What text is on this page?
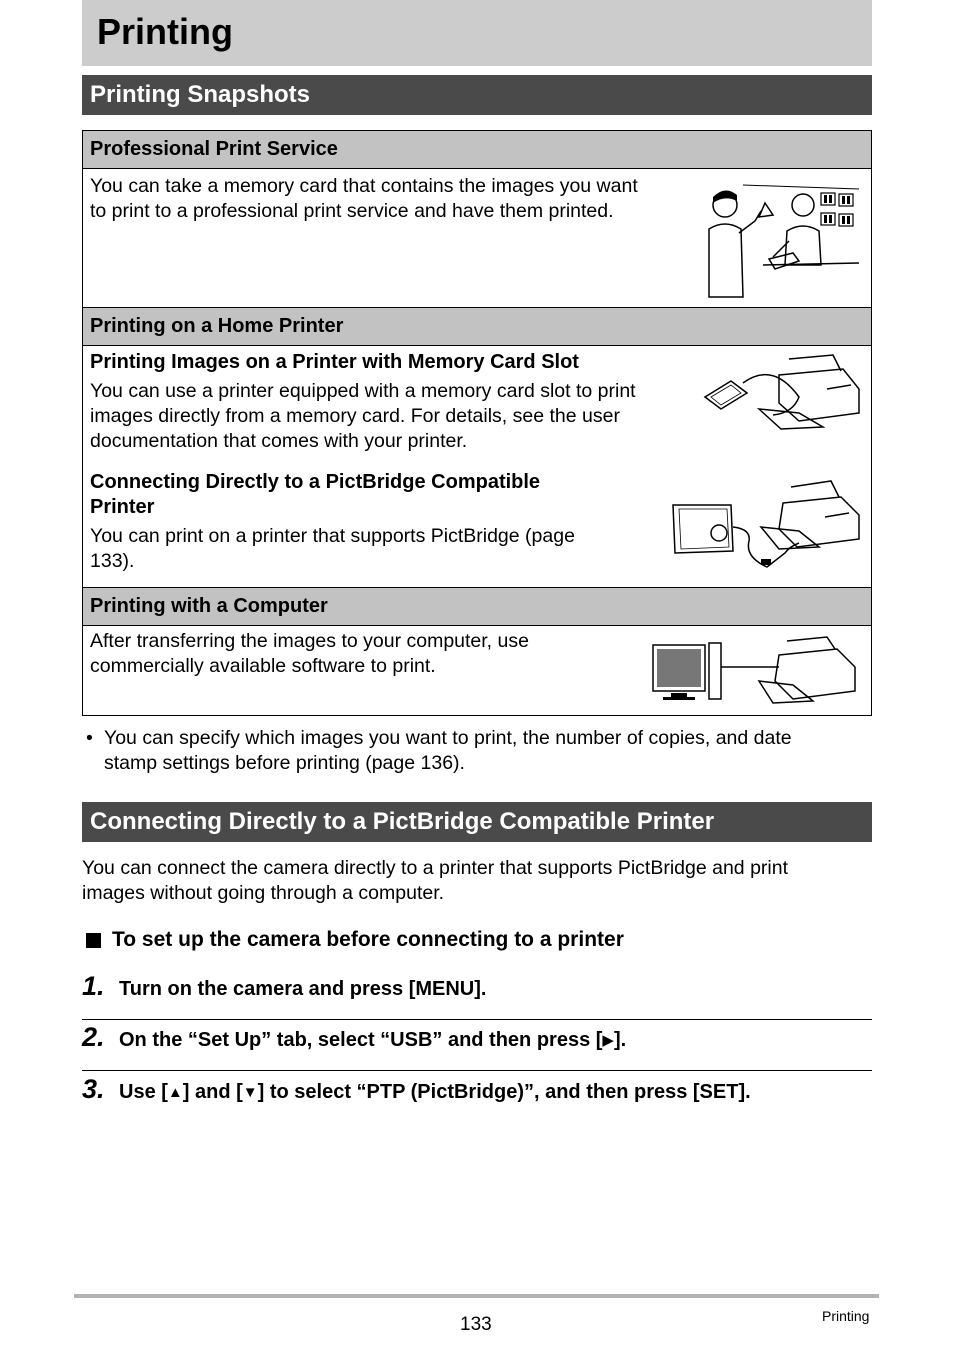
Printing
Printing Snapshots
Professional Print Service
You can take a memory card that contains the images you want
to print to a professional print service and have them printed.
Printing on a Home Printer
Printing Images on a Printer with Memory Card Slot
You can use a printer equipped with a memory card slot to print
images directly from a memory card. For details, see the user
documentation that comes with your printer.
Connecting Directly to a PictBridge Compatible
Printer
You can print on a printer that supports PictBridge (page
133).
Printing with a Computer
After transferring the images to your computer, use
commercially available software to print.
• You can specify which images you want to print, the number of copies, and date
stamp settings before printing (page 136).
Connecting Directly to a PictBridge Compatible Printer
You can connect the camera directly to a printer that supports PictBridge and print
images without going through a computer.
To set up the camera before connecting to a printer
1. Turn on the camera and press [MENU].
2. On the “Set Up” tab, select “USB” and then press [▶].
3. Use [▲] and [▼] to select “PTP (PictBridge)”, and then press [SET].
133	Printing
